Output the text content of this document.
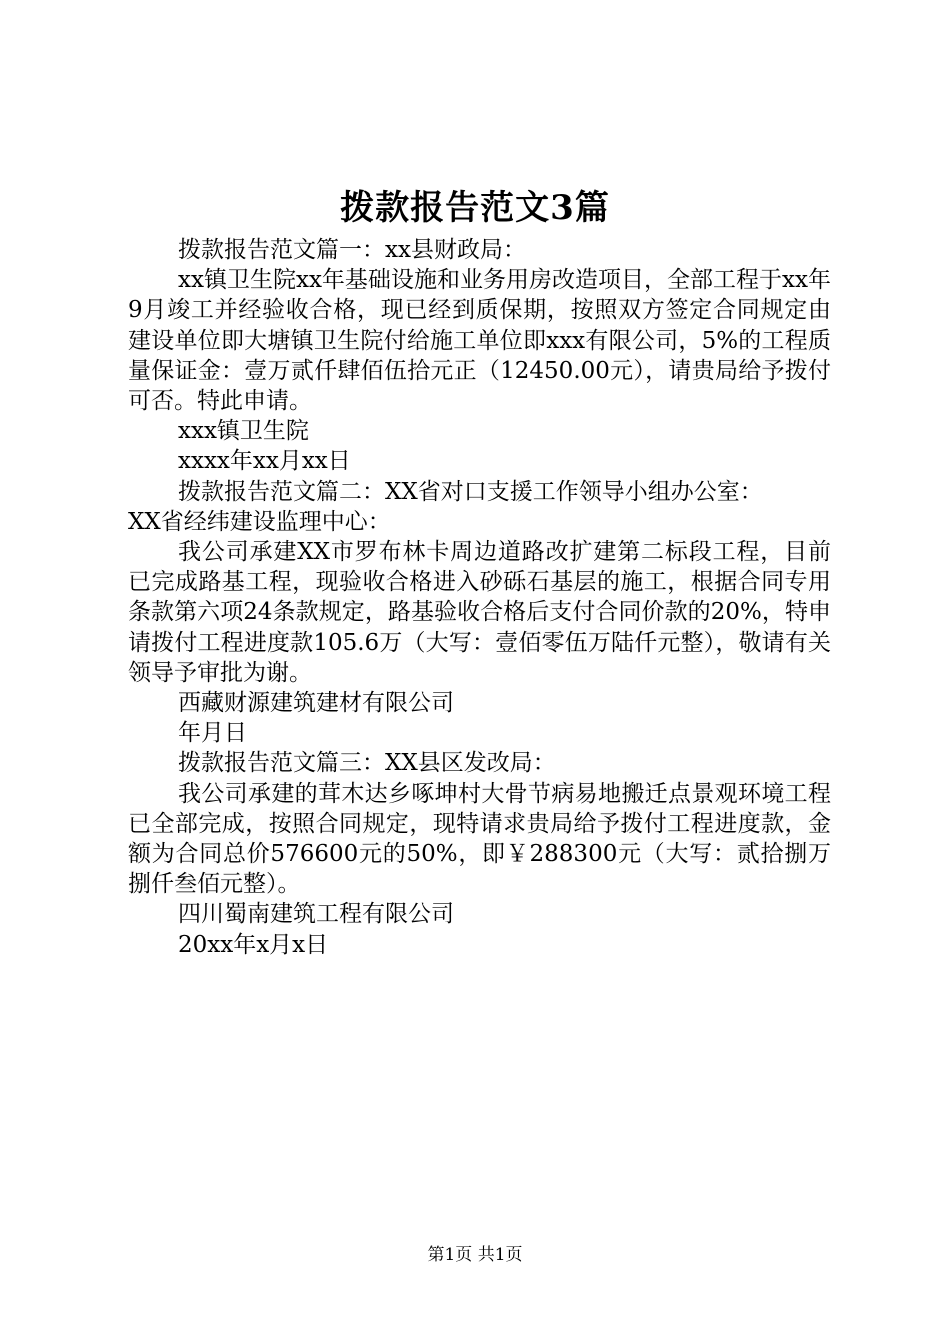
拨款报告范文3篇

拨款报告范文篇一：xx县财政局：

xx镇卫生院xx年基础设施和业务用房改造项目，全部工程于xx年9月竣工并经验收合格，现已经到质保期，按照双方签定合同规定由建设单位即大塘镇卫生院付给施工单位即xxx有限公司，5%的工程质量保证金：壹万贰仟肆佰伍拾元正（12450.00元），请贵局给予拨付可否。特此申请。

xxx镇卫生院

xxxx年xx月xx日

拨款报告范文篇二：XX省对口支援工作领导小组办公室：

XX省经纬建设监理中心：

我公司承建XX市罗布林卡周边道路改扩建第二标段工程，目前已完成路基工程，现验收合格进入砂砾石基层的施工，根据合同专用条款第六项24条款规定，路基验收合格后支付合同价款的20%，特申请拨付工程进度款105.6万（大写：壹佰零伍万陆仟元整），敬请有关领导予审批为谢。

西藏财源建筑建材有限公司

年月日

拨款报告范文篇三：XX县区发改局：

我公司承建的茸木达乡啄坤村大骨节病易地搬迁点景观环境工程已全部完成，按照合同规定，现特请求贵局给予拨付工程进度款，金额为合同总价576600元的50%，即￥288300元（大写：贰拾捌万捌仟叁佰元整）。

四川蜀南建筑工程有限公司

20xx年x月x日

第1页 共1页
